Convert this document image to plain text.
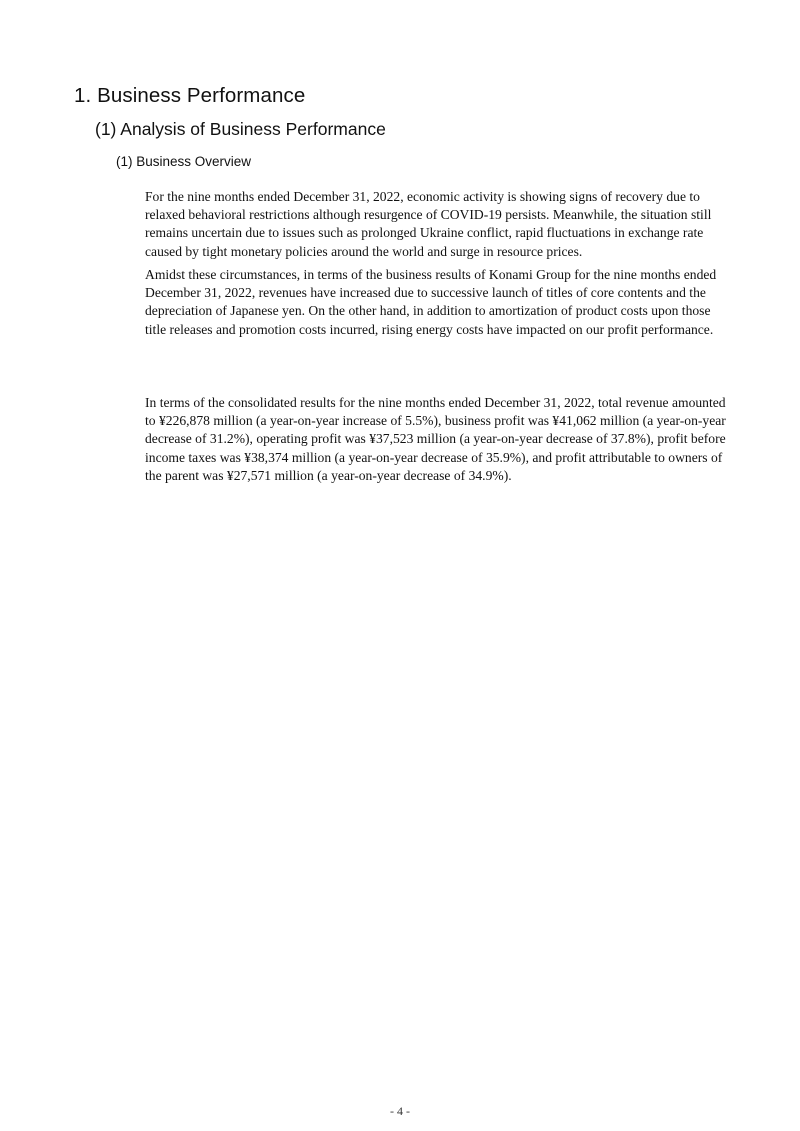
1. Business Performance
(1) Analysis of Business Performance
(1) Business Overview

For the nine months ended December 31, 2022, economic activity is showing signs of recovery due to relaxed behavioral restrictions although resurgence of COVID-19 persists. Meanwhile, the situation still remains uncertain due to issues such as prolonged Ukraine conflict, rapid fluctuations in exchange rate caused by tight monetary policies around the world and surge in resource prices.

Amidst these circumstances, in terms of the business results of Konami Group for the nine months ended December 31, 2022, revenues have increased due to successive launch of titles of core contents and the depreciation of Japanese yen. On the other hand, in addition to amortization of product costs upon those title releases and promotion costs incurred, rising energy costs have impacted on our profit performance.

In terms of the consolidated results for the nine months ended December 31, 2022, total revenue amounted to ¥226,878 million (a year-on-year increase of 5.5%), business profit was ¥41,062 million (a year-on-year decrease of 31.2%), operating profit was ¥37,523 million (a year-on-year decrease of 37.8%), profit before income taxes was ¥38,374 million (a year-on-year decrease of 35.9%), and profit attributable to owners of the parent was ¥27,571 million (a year-on-year decrease of 34.9%).

- 4 -
